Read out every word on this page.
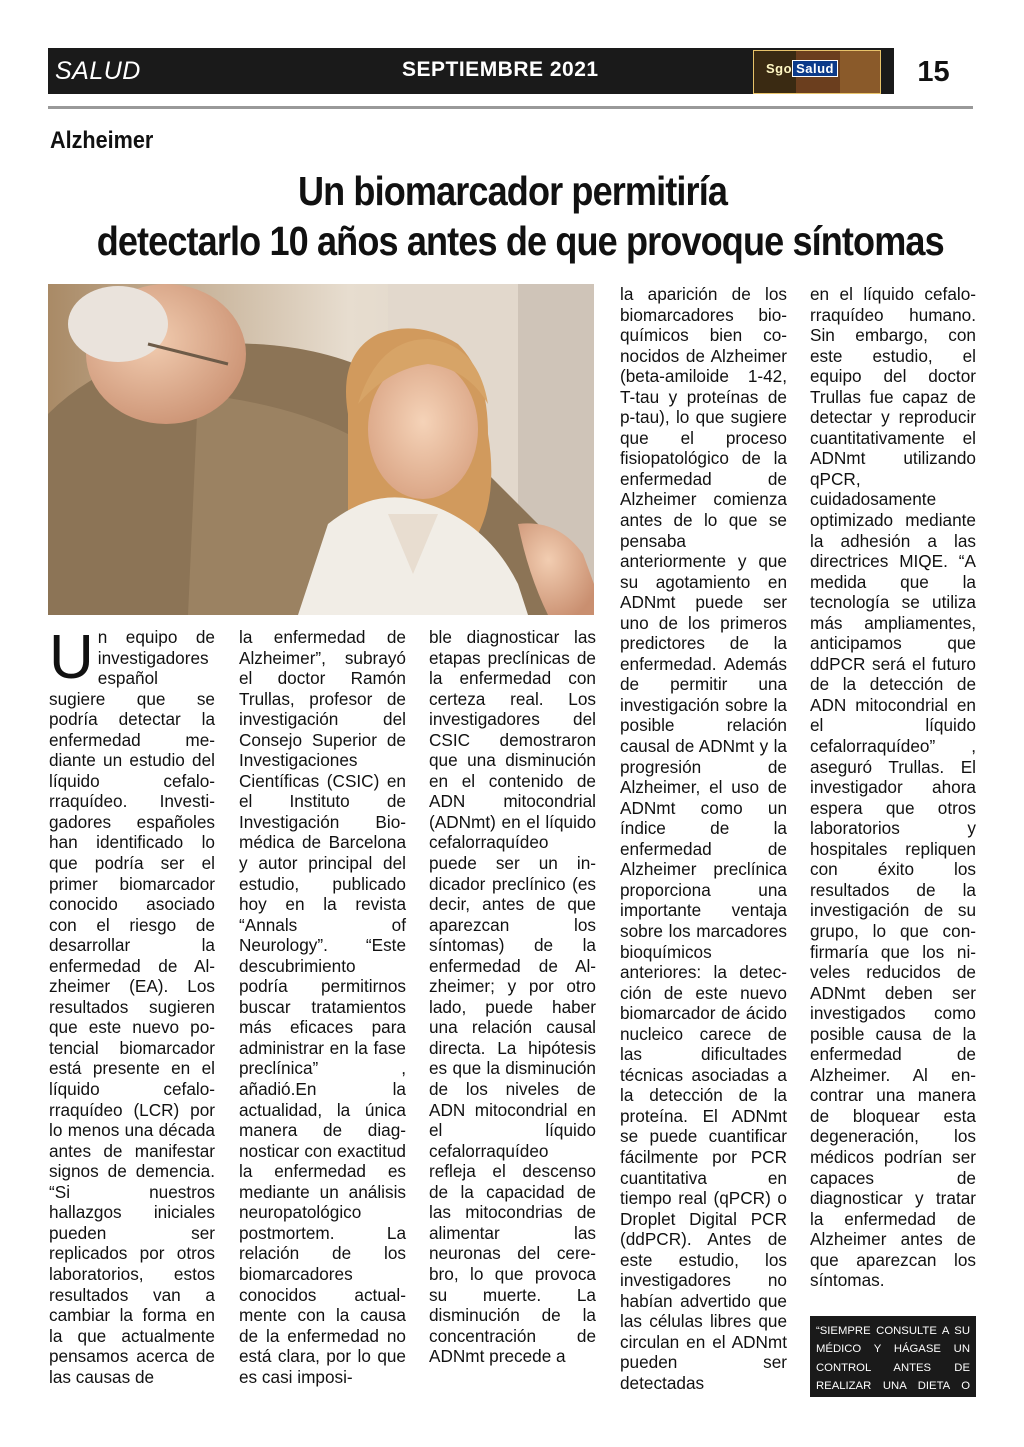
SALUD	SEPTIEMBRE 2021	Sgo Salud	15
Alzheimer
Un biomarcador permitiría
detectarlo 10 años antes de que provoque síntomas
Un equipo de investigadores español sugiere que se podría detectar la enfermedad mediante un estudio del líquido cefalorraquídeo. Investigadores españoles han identificado lo que podría ser el primer biomarcador conocido asociado con el riesgo de desarrollar la enfermedad de Alzheimer (EA). Los resultados sugieren que este nuevo potencial biomarcador está presente en el líquido cefalorraquídeo (LCR) por lo menos una década antes de manifestar signos de demencia. “Si nuestros hallazgos iniciales pueden ser replicados por otros laboratorios, estos resultados van a cambiar la forma en la que actualmente pensamos acerca de las causas de
la enfermedad de Alzheimer”, subrayó el doctor Ramón Trullas, profesor de investigación del Consejo Superior de Investigaciones Científicas (CSIC) en el Instituto de Investigación Biomédica de Barcelona y autor principal del estudio, publicado hoy en la revista “Annals of Neurology”. “Este descubrimiento podría permitirnos buscar tratamientos más eficaces para administrar en la fase preclínica” , añadió.En la actualidad, la única manera de diagnosticar con exactitud la enfermedad es mediante un análisis neuropatológico postmortem. La relación de los biomarcadores conocidos actualmente con la causa de la enfermedad no está clara, por lo que es casi imposi-
ble diagnosticar las etapas preclínicas de la enfermedad con certeza real. Los investigadores del CSIC demostraron que una disminución en el contenido de ADN mitocondrial (ADNmt) en el líquido cefalorraquídeo puede ser un indicador preclínico (es decir, antes de que aparezcan los síntomas) de la enfermedad de Alzheimer; y por otro lado, puede haber una relación causal directa. La hipótesis es que la disminución de los niveles de ADN mitocondrial en el líquido cefalorraquídeo refleja el descenso de la capacidad de las mitocondrias de alimentar las neuronas del cerebro, lo que provoca su muerte. La disminución de la concentración de ADNmt precede a
la aparición de los biomarcadores bioquímicos bien conocidos de Alzheimer (beta-amiloide 1-42, T-tau y proteínas de p-tau), lo que sugiere que el proceso fisiopatológico de la enfermedad de Alzheimer comienza antes de lo que se pensaba anteriormente y que su agotamiento en ADNmt puede ser uno de los primeros predictores de la enfermedad. Además de permitir una investigación sobre la posible relación causal de ADNmt y la progresión de Alzheimer, el uso de ADNmt como un índice de la enfermedad de Alzheimer preclínica proporciona una importante ventaja sobre los marcadores bioquímicos anteriores: la detección de este nuevo biomarcador de ácido nucleico carece de las dificultades técnicas asociadas a la detección de la proteína. El ADNmt se puede cuantificar fácilmente por PCR cuantitativa en tiempo real (qPCR) o Droplet Digital PCR (ddPCR). Antes de este estudio, los investigadores no habían advertido que las células libres que circulan en el ADNmt pueden ser detectadas
en el líquido cefalorraquídeo humano. Sin embargo, con este estudio, el equipo del doctor Trullas fue capaz de detectar y reproducir cuantitativamente el ADNmt utilizando qPCR, cuidadosamente optimizado mediante la adhesión a las directrices MIQE. “A medida que la tecnología se utiliza más ampliamentes, anticipamos que ddPCR será el futuro de la detección de ADN mitocondrial en el líquido cefalorraquídeo” , aseguró Trullas. El investigador ahora espera que otros laboratorios y hospitales repliquen con éxito los resultados de la investigación de su grupo, lo que confirmaría que los niveles reducidos de ADNmt deben ser investigados como posible causa de la enfermedad de Alzheimer. Al encontrar una manera de bloquear esta degeneración, los médicos podrían ser capaces de diagnosticar y tratar la enfermedad de Alzheimer antes de que aparezcan los síntomas.
“SIEMPRE CONSULTE A SU MÉDICO Y HÁGASE UN CONTROL ANTES DE REALIZAR UNA DIETA O ACTIVIDAD FÍSICA”
